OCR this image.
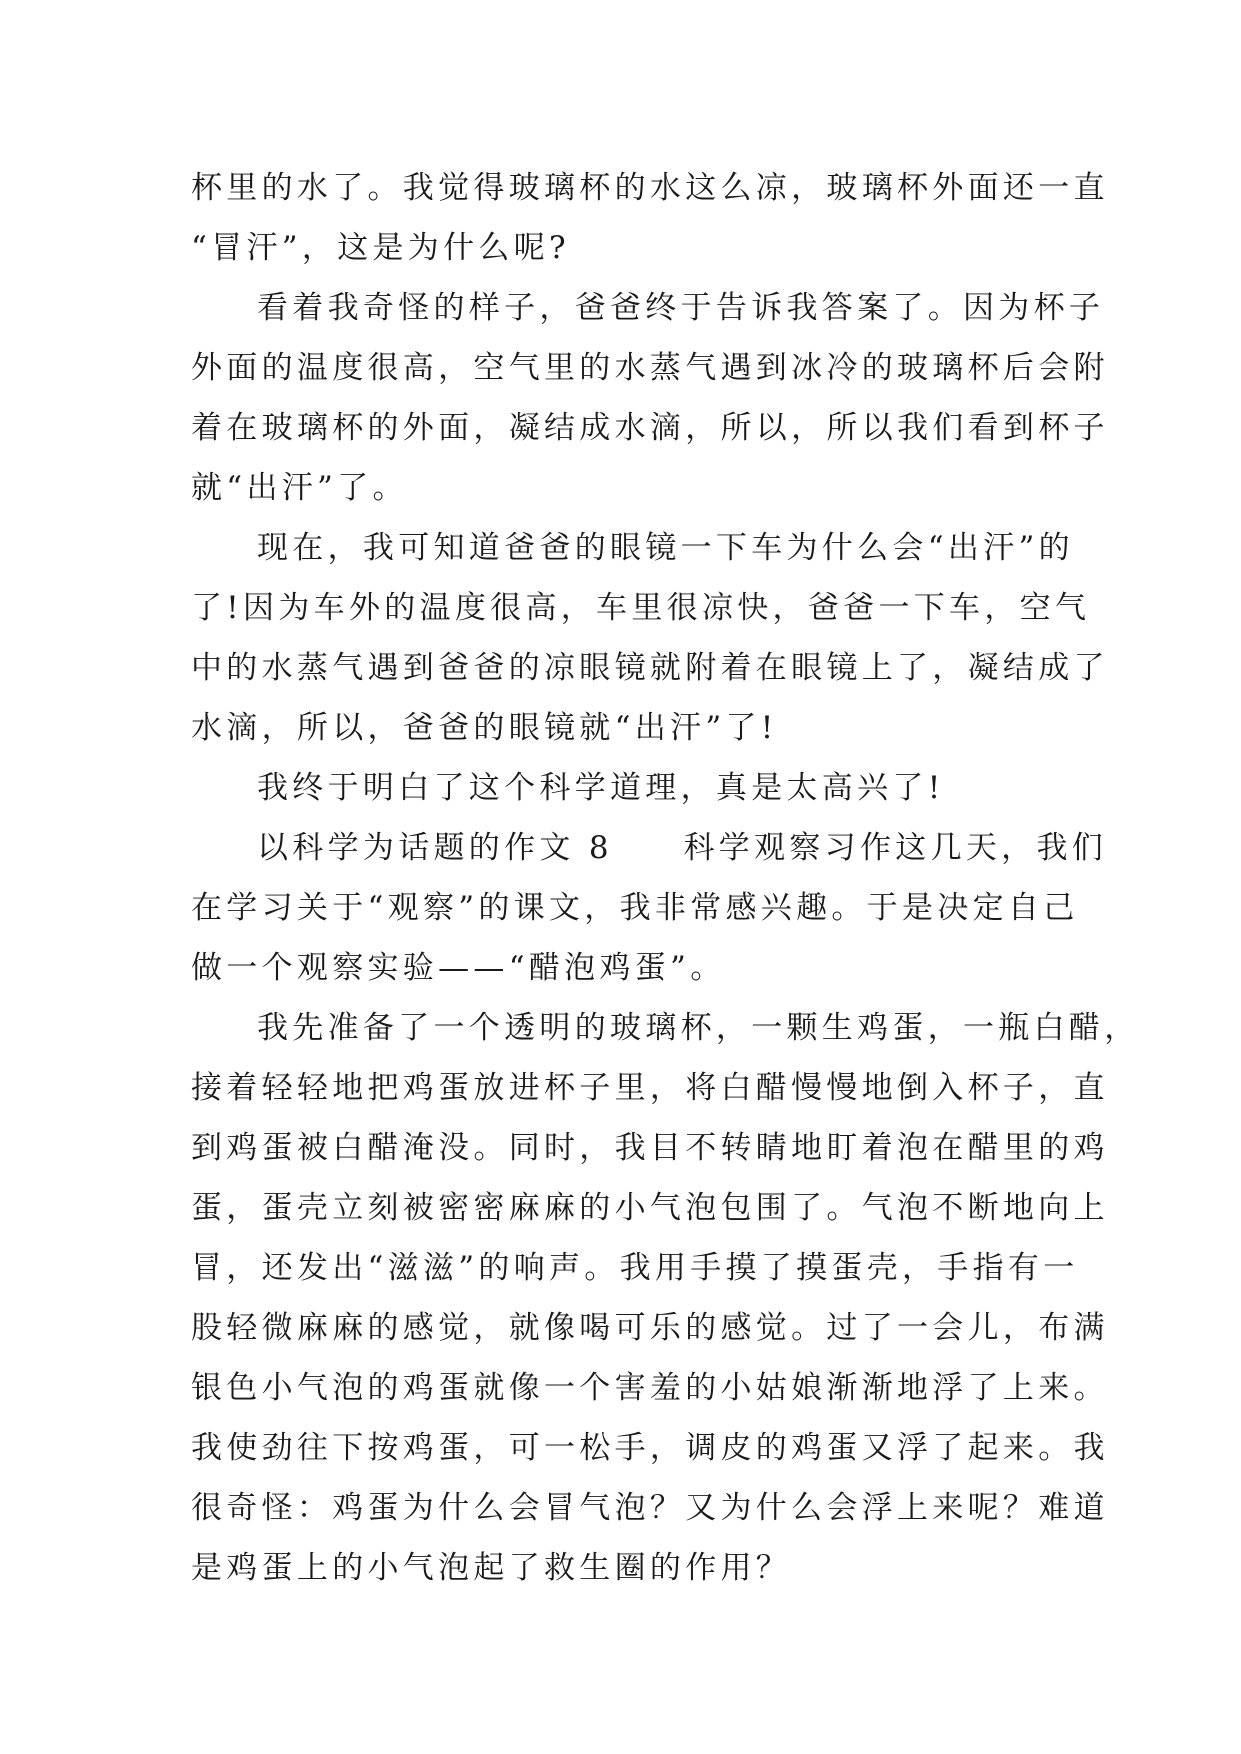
杯里的水了。我觉得玻璃杯的水这么凉，玻璃杯外面还一直
“冒汗”，这是为什么呢?
看着我奇怪的样子，爸爸终于告诉我答案了。因为杯子
外面的温度很高，空气里的水蒸气遇到冰冷的玻璃杯后会附
着在玻璃杯的外面，凝结成水滴，所以，所以我们看到杯子
就“出汗”了。
现在，我可知道爸爸的眼镜一下车为什么会“出汗”的
了!因为车外的温度很高，车里很凉快，爸爸一下车，空气
中的水蒸气遇到爸爸的凉眼镜就附着在眼镜上了，凝结成了
水滴，所以，爸爸的眼镜就“出汗”了!
我终于明白了这个科学道理，真是太高兴了!
以科学为话题的作文 8　　科学观察习作这几天，我们
在学习关于“观察”的课文，我非常感兴趣。于是决定自己
做一个观察实验——“醋泡鸡蛋”。
我先准备了一个透明的玻璃杯，一颗生鸡蛋，一瓶白醋，
接着轻轻地把鸡蛋放进杯子里，将白醋慢慢地倒入杯子，直
到鸡蛋被白醋淹没。同时，我目不转睛地盯着泡在醋里的鸡
蛋，蛋壳立刻被密密麻麻的小气泡包围了。气泡不断地向上
冒，还发出“滋滋”的响声。我用手摸了摸蛋壳，手指有一
股轻微麻麻的感觉，就像喝可乐的感觉。过了一会儿，布满
银色小气泡的鸡蛋就像一个害羞的小姑娘渐渐地浮了上来。
我使劲往下按鸡蛋，可一松手，调皮的鸡蛋又浮了起来。我
很奇怪：鸡蛋为什么会冒气泡？又为什么会浮上来呢？难道
是鸡蛋上的小气泡起了救生圈的作用？
